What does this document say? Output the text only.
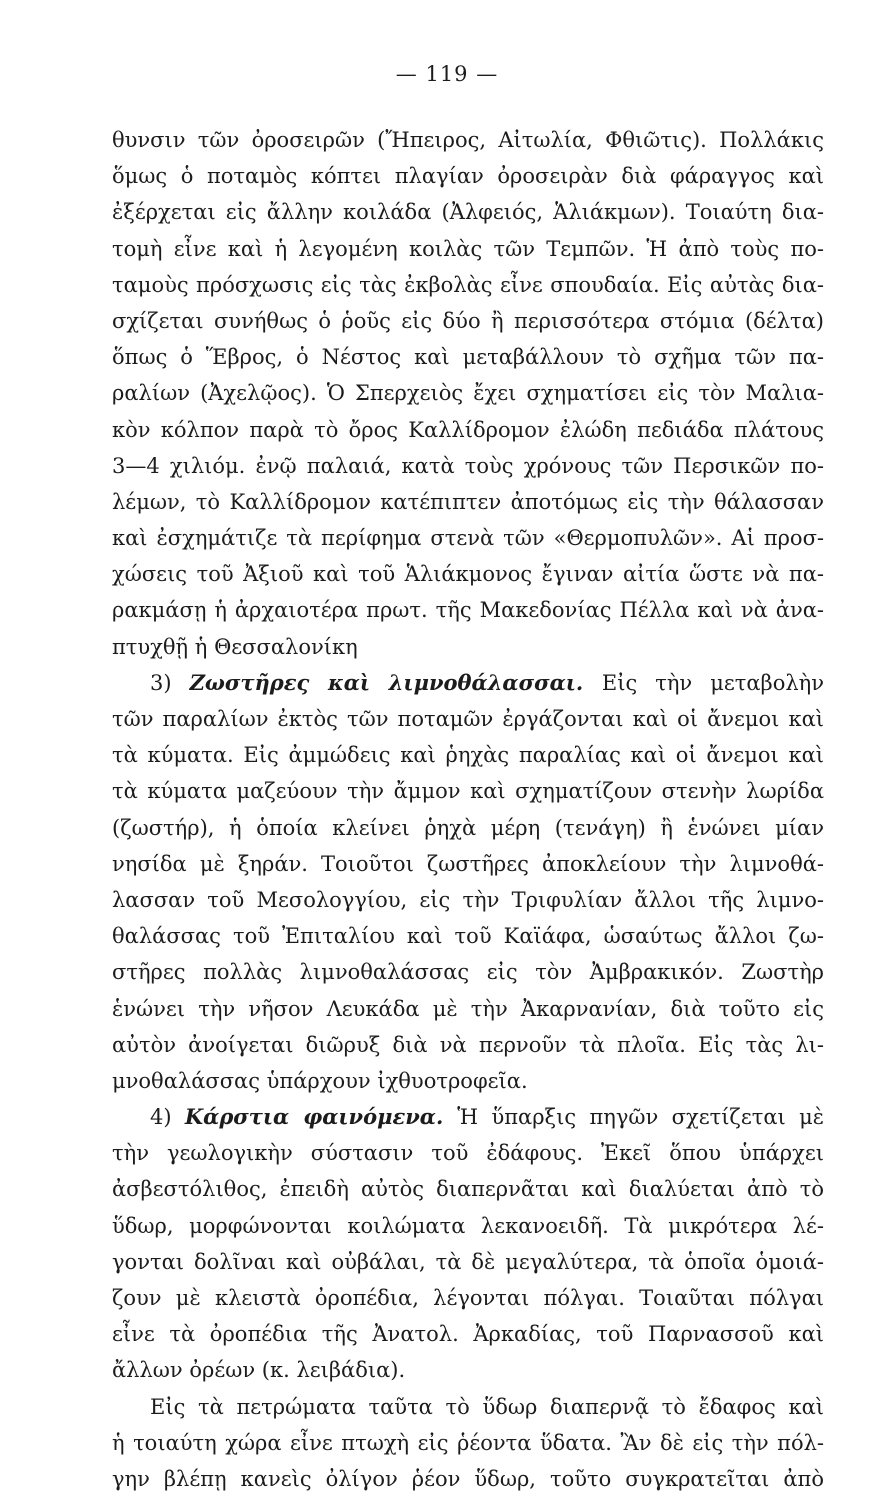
— 119 —
θυνσιν τῶν ὀροσειρῶν (Ἤπειρος, Αἰτωλία, Φθιῶτις). Πολλάκις
ὅμως ὁ ποταμὸς κόπτει πλαγίαν ὀροσειρὰν διὰ φάραγγος καὶ
ἐξέρχεται εἰς ἄλλην κοιλάδα (Ἀλφειός, Ἁλιάκμων). Τοιαύτη δια-
τομὴ εἶνε καὶ ἡ λεγομένη κοιλὰς τῶν Τεμπῶν. Ἡ ἀπὸ τοὺς πο-
ταμοὺς πρόσχωσις εἰς τὰς ἐκβολὰς εἶνε σπουδαία. Εἰς αὐτὰς δια-
σχίζεται συνήθως ὁ ῥοῦς εἰς δύο ἢ περισσότερα στόμια (δέλτα)
ὅπως ὁ Ἕβρος, ὁ Νέστος καὶ μεταβάλλουν τὸ σχῆμα τῶν πα-
ραλίων (Ἀχελῷος). Ὁ Σπερχειὸς ἔχει σχηματίσει εἰς τὸν Μαλια-
κὸν κόλπον παρὰ τὸ ὄρος Καλλίδρομον ἐλώδη πεδιάδα πλάτους
3—4 χιλιόμ. ἐνῷ παλαιά, κατὰ τοὺς χρόνους τῶν Περσικῶν πο-
λέμων, τὸ Καλλίδρομον κατέπιπτεν ἀποτόμως εἰς τὴν θάλασσαν
καὶ ἐσχημάτιζε τὰ περίφημα στενὰ τῶν «Θερμοπυλῶν». Αἱ προσ-
χώσεις τοῦ Ἀξιοῦ καὶ τοῦ Ἁλιάκμονος ἔγιναν αἰτία ὥστε νὰ πα-
ρακμάσῃ ἡ ἀρχαιοτέρα πρωτ. τῆς Μακεδονίας Πέλλα καὶ νὰ ἀνα-
πτυχθῇ ἡ Θεσσαλονίκη
3) Ζωστῆρες καὶ λιμνοθάλασσαι. Εἰς τὴν μεταβολὴν
τῶν παραλίων ἐκτὸς τῶν ποταμῶν ἐργάζονται καὶ οἱ ἄνεμοι καὶ
τὰ κύματα. Εἰς ἀμμώδεις καὶ ῥηχὰς παραλίας καὶ οἱ ἄνεμοι καὶ
τὰ κύματα μαζεύουν τὴν ἄμμον καὶ σχηματίζουν στενὴν λωρίδα
(ζωστήρ), ἡ ὁποία κλείνει ῥηχὰ μέρη (τενάγη) ἢ ἑνώνει μίαν
νησίδα μὲ ξηράν. Τοιοῦτοι ζωστῆρες ἀποκλείουν τὴν λιμνοθά-
λασσαν τοῦ Μεσολογγίου, εἰς τὴν Τριφυλίαν ἄλλοι τῆς λιμνο-
θαλάσσας τοῦ Ἐπιταλίου καὶ τοῦ Καϊάφα, ὡσαύτως ἄλλοι ζω-
στῆρες πολλὰς λιμνοθαλάσσας εἰς τὸν Ἀμβρακικόν. Ζωστὴρ
ἑνώνει τὴν νῆσον Λευκάδα μὲ τὴν Ἀκαρνανίαν, διὰ τοῦτο εἰς
αὐτὸν ἀνοίγεται διῶρυξ διὰ νὰ περνοῦν τὰ πλοῖα. Εἰς τὰς λι-
μνοθαλάσσας ὑπάρχουν ἰχθυοτροφεῖα.
4) Κάρστια φαινόμενα. Ἡ ὕπαρξις πηγῶν σχετίζεται μὲ
τὴν γεωλογικὴν σύστασιν τοῦ ἐδάφους. Ἐκεῖ ὅπου ὑπάρχει
ἀσβεστόλιθος, ἐπειδὴ αὐτὸς διαπερνᾶται καὶ διαλύεται ἀπὸ τὸ
ὕδωρ, μορφώνονται κοιλώματα λεκανοειδῆ. Τὰ μικρότερα λέ-
γονται δολῖναι καὶ οὐβάλαι, τὰ δὲ μεγαλύτερα, τὰ ὁποῖα ὁμοιά-
ζουν μὲ κλειστὰ ὀροπέδια, λέγονται πόλγαι. Τοιαῦται πόλγαι
εἶνε τὰ ὀροπέδια τῆς Ἀνατολ. Ἀρκαδίας, τοῦ Παρνασσοῦ καὶ
ἄλλων ὀρέων (κ. λειβάδια).
Εἰς τὰ πετρώματα ταῦτα τὸ ὕδωρ διαπερνᾷ τὸ ἔδαφος καὶ
ἡ τοιαύτη χώρα εἶνε πτωχὴ εἰς ῥέοντα ὕδατα. Ἂν δὲ εἰς τὴν πόλ-
γην βλέπῃ κανεὶς ὀλίγον ῥέον ὕδωρ, τοῦτο συγκρατεῖται ἀπὸ
